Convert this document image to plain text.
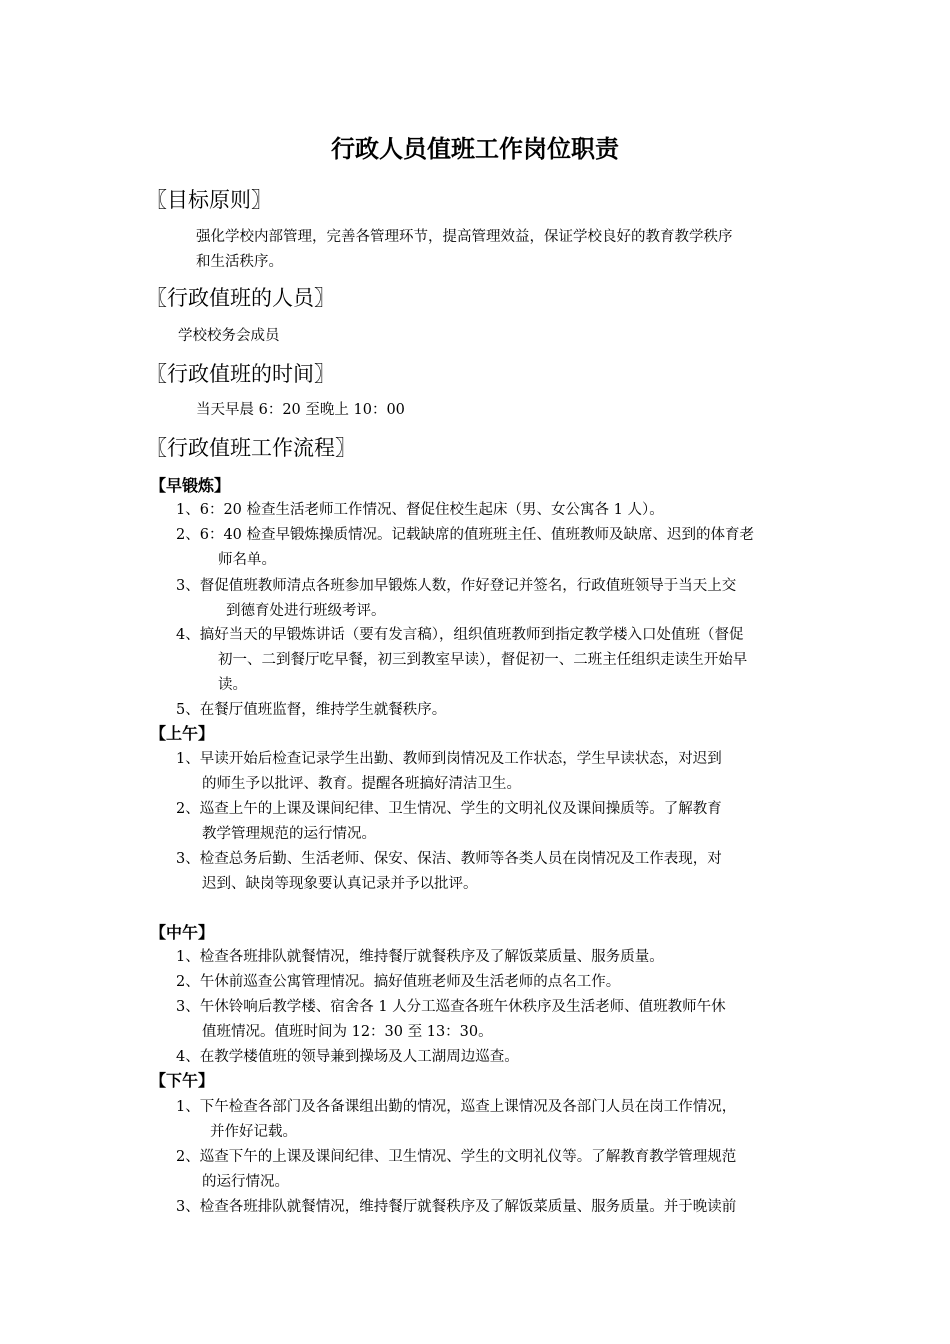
行政人员值班工作岗位职责
〖目标原则〗
强化学校内部管理，完善各管理环节，提高管理效益，保证学校良好的教育教学秩序
和生活秩序。
〖行政值班的人员〗
学校校务会成员
〖行政值班的时间〗
当天早晨 6：20 至晚上 10：00
〖行政值班工作流程〗
【早锻炼】
1、6：20 检查生活老师工作情况、督促住校生起床（男、女公寓各 1 人）。
2、6：40 检查早锻炼操质情况。记载缺席的值班班主任、值班教师及缺席、迟到的体育老
师名单。
3、督促值班教师清点各班参加早锻炼人数，作好登记并签名，行政值班领导于当天上交
到德育处进行班级考评。
4、搞好当天的早锻炼讲话（要有发言稿），组织值班教师到指定教学楼入口处值班（督促
初一、二到餐厅吃早餐，初三到教室早读），督促初一、二班主任组织走读生开始早
读。
5、在餐厅值班监督，维持学生就餐秩序。
【上午】
1、早读开始后检查记录学生出勤、教师到岗情况及工作状态，学生早读状态，对迟到
的师生予以批评、教育。提醒各班搞好清洁卫生。
2、巡查上午的上课及课间纪律、卫生情况、学生的文明礼仪及课间操质等。了解教育
教学管理规范的运行情况。
3、检查总务后勤、生活老师、保安、保洁、教师等各类人员在岗情况及工作表现，对
迟到、缺岗等现象要认真记录并予以批评。
【中午】
1、检查各班排队就餐情况，维持餐厅就餐秩序及了解饭菜质量、服务质量。
2、午休前巡查公寓管理情况。搞好值班老师及生活老师的点名工作。
3、午休铃响后教学楼、宿舍各 1 人分工巡查各班午休秩序及生活老师、值班教师午休
值班情况。值班时间为 12：30 至 13：30。
4、在教学楼值班的领导兼到操场及人工湖周边巡查。
【下午】
1、下午检查各部门及各备课组出勤的情况，巡查上课情况及各部门人员在岗工作情况，
并作好记载。
2、巡查下午的上课及课间纪律、卫生情况、学生的文明礼仪等。了解教育教学管理规范
的运行情况。
3、检查各班排队就餐情况，维持餐厅就餐秩序及了解饭菜质量、服务质量。并于晚读前
